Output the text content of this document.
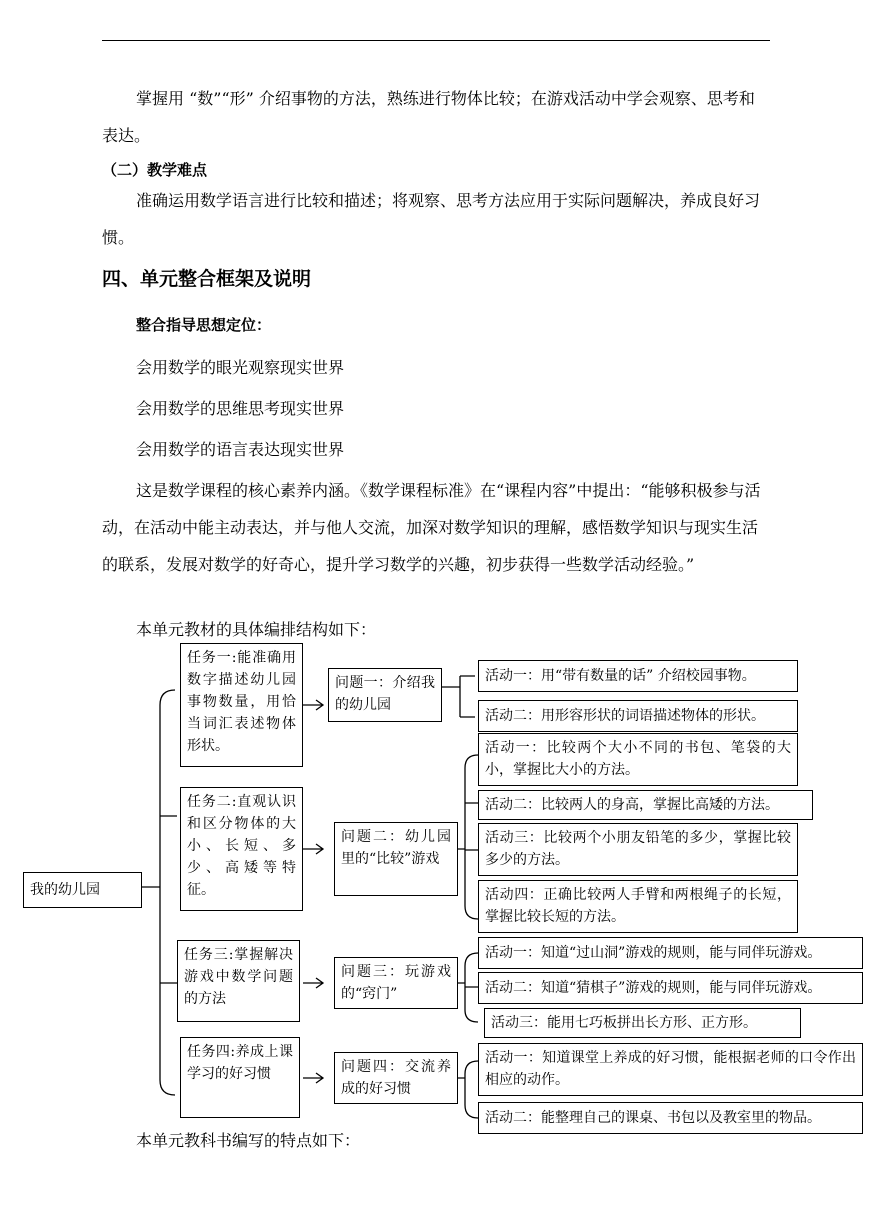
掌握用 “数”“形” 介绍事物的方法，熟练进行物体比较；在游戏活动中学会观察、思考和表达。

（二）教学难点

准确运用数学语言进行比较和描述；将观察、思考方法应用于实际问题解决，养成良好习惯。

四、单元整合框架及说明

整合指导思想定位：

会用数学的眼光观察现实世界

会用数学的思维思考现实世界

会用数学的语言表达现实世界

这是数学课程的核心素养内涵。《数学课程标准》在“课程内容”中提出：“能够积极参与活动，在活动中能主动表达，并与他人交流，加深对数学知识的理解，感悟数学知识与现实生活的联系，发展对数学的好奇心，提升学习数学的兴趣，初步获得一些数学活动经验。”

本单元教材的具体编排结构如下：

我的幼儿园
任务一:能准确用数字描述幼儿园事物数量，用恰当词汇表述物体形状。
任务二:直观认识和区分物体的大小、长短、多少、高矮等特征。
任务三:掌握解决游戏中数学问题的方法
任务四:养成上课学习的好习惯
问题一：介绍我的幼儿园
问题二：幼儿园里的“比较”游戏
问题三：玩游戏的“窍门”
问题四：交流养成的好习惯
活动一：用“带有数量的话” 介绍校园事物。
活动二：用形容形状的词语描述物体的形状。
活动一：比较两个大小不同的书包、笔袋的大小，掌握比大小的方法。
活动二：比较两人的身高，掌握比高矮的方法。
活动三：比较两个小朋友铅笔的多少，掌握比较多少的方法。
活动四：正确比较两人手臂和两根绳子的长短，掌握比较长短的方法。
活动一：知道“过山洞”游戏的规则，能与同伴玩游戏。
活动二：知道“猜棋子”游戏的规则，能与同伴玩游戏。
活动三：能用七巧板拼出长方形、正方形。
活动一：知道课堂上养成的好习惯，能根据老师的口令作出相应的动作。
活动二：能整理自己的课桌、书包以及教室里的物品。

本单元教科书编写的特点如下：
